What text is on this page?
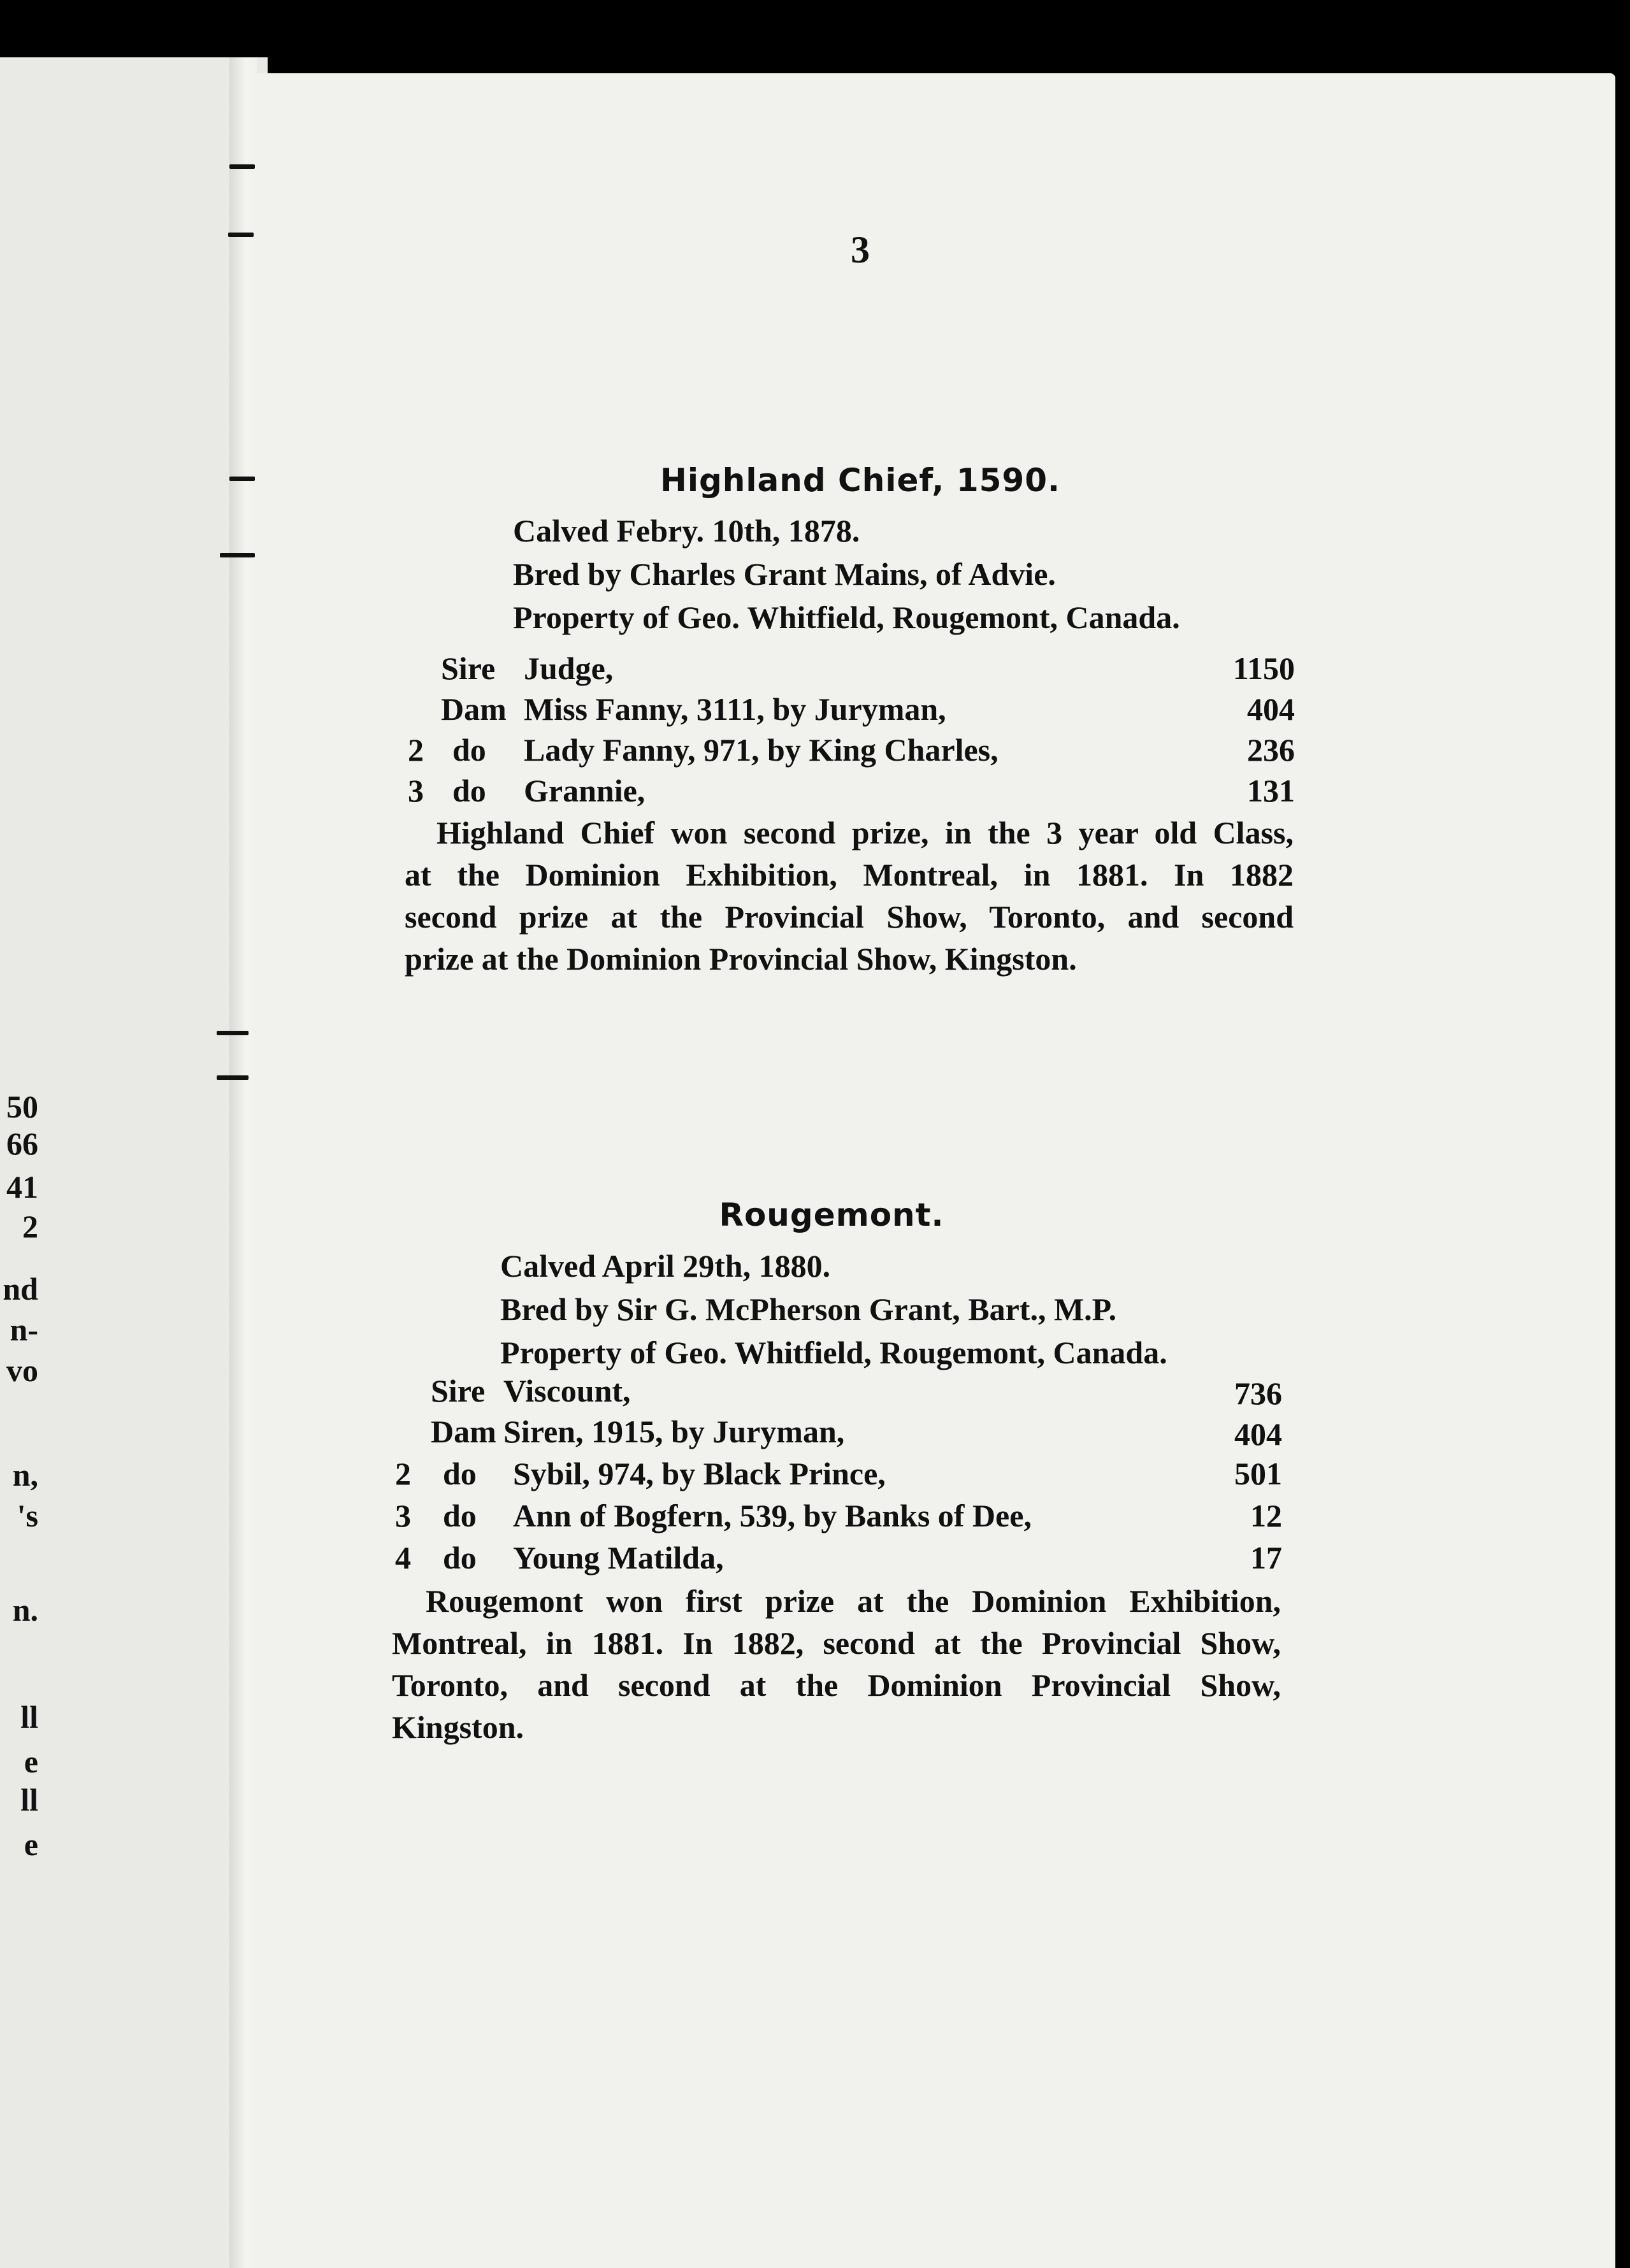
50
66
41
2
nd
n-
vo
n,
's
n.
ll
e
ll
e
3
Highland Chief, 1590.
Calved Febry. 10th, 1878.
Bred by Charles Grant Mains, of Advie.
Property of Geo. Whitfield, Rougemont, Canada.
Sire Judge,	1150
Dam Miss Fanny, 3111, by Juryman,	404
2 do Lady Fanny, 971, by King Charles,	236
3 do Grannie,	131
Highland Chief won second prize, in the 3 year old Class,
at the Dominion Exhibition, Montreal, in 1881. In 1882
second prize at the Provincial Show, Toronto, and second
prize at the Dominion Provincial Show, Kingston.
Rougemont.
Calved April 29th, 1880.
Bred by Sir G. McPherson Grant, Bart., M.P.
Property of Geo. Whitfield, Rougemont, Canada.
Sire Viscount,	736
Dam Siren, 1915, by Juryman,	404
2 do Sybil, 974, by Black Prince,	501
3 do Ann of Bogfern, 539, by Banks of Dee,	12
4 do Young Matilda,	17
Rougemont won first prize at the Dominion Exhibition,
Montreal, in 1881. In 1882, second at the Provincial Show,
Toronto, and second at the Dominion Provincial Show,
Kingston.
